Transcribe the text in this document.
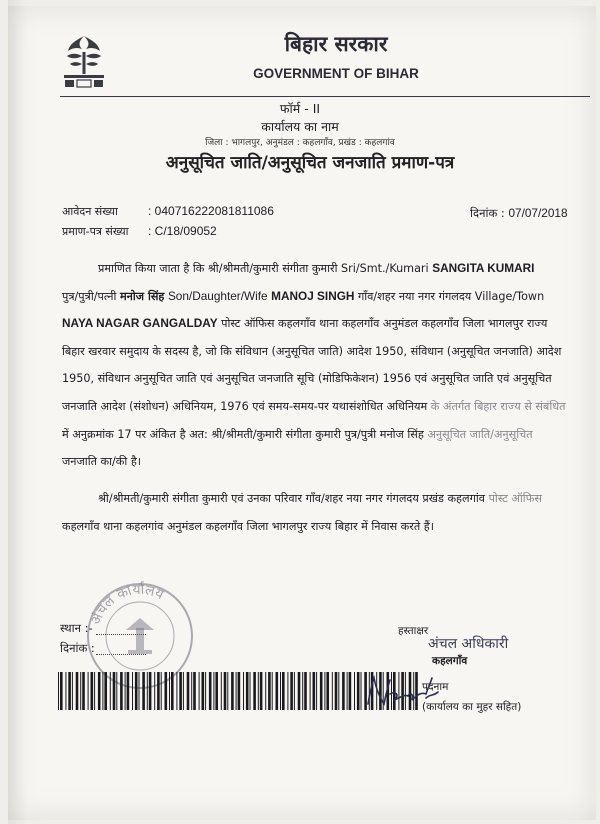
बिहार सरकार
GOVERNMENT OF BIHAR
फॉर्म - II
कार्यालय का नाम
जिला : भागलपुर, अनुमंडल : कहलगाँव, प्रखंड : कहलगांव
अनुसूचित जाति/अनुसूचित जनजाति प्रमाण-पत्र
आवेदन संख्या	: 040716222081811086
प्रमाण-पत्र संख्या : C/18/09052
दिनांक : 07/07/2018
प्रमाणित किया जाता है कि श्री/श्रीमती/कुमारी संगीता कुमारी Sri/Smt./Kumari SANGITA KUMARI
पुत्र/पुत्री/पत्नी मनोज सिंह Son/Daughter/Wife MANOJ SINGH गाँव/शहर नया नगर गंगलदय Village/Town
NAYA NAGAR GANGALDAY पोस्ट ऑफिस कहलगाँव थाना कहलगाँव अनुमंडल कहलगाँव जिला भागलपुर राज्य
बिहार खरवार समुदाय के सदस्य है, जो कि संविधान (अनुसूचित जाति) आदेश 1950, संविधान (अनुसूचित जनजाति) आदेश
1950, संविधान अनुसूचित जाति एवं अनुसूचित जनजाति सूचि (मोडिफिकेशन) 1956 एवं अनुसूचित जाति एवं अनुसूचित
जनजाति आदेश (संशोधन) अधिनियम, 1976 एवं समय-समय-पर यथासंशोधित अधिनियम के अंतर्गत बिहार राज्य से संबंधित
में अनुक्रमांक 17 पर अंकित है अत: श्री/श्रीमती/कुमारी संगीता कुमारी पुत्र/पुत्री मनोज सिंह अनुसूचित जाति/अनुसूचित
जनजाति का/की है।
श्री/श्रीमती/कुमारी संगीता कुमारी एवं उनका परिवार गाँव/शहर नया नगर गंगलदय प्रखंड कहलगांव पोस्ट ऑफिस
कहलगाँव थाना कहलगांव अनुमंडल कहलगाँव जिला भागलपुर राज्य बिहार में निवास करते हैं।
स्थान :-
दिनांक :
अंचल कार्यालय
हस्ताक्षर
अंचल अधिकारी
कहलगाँव
पदनाम
(कार्यालय का मुहर सहित)
